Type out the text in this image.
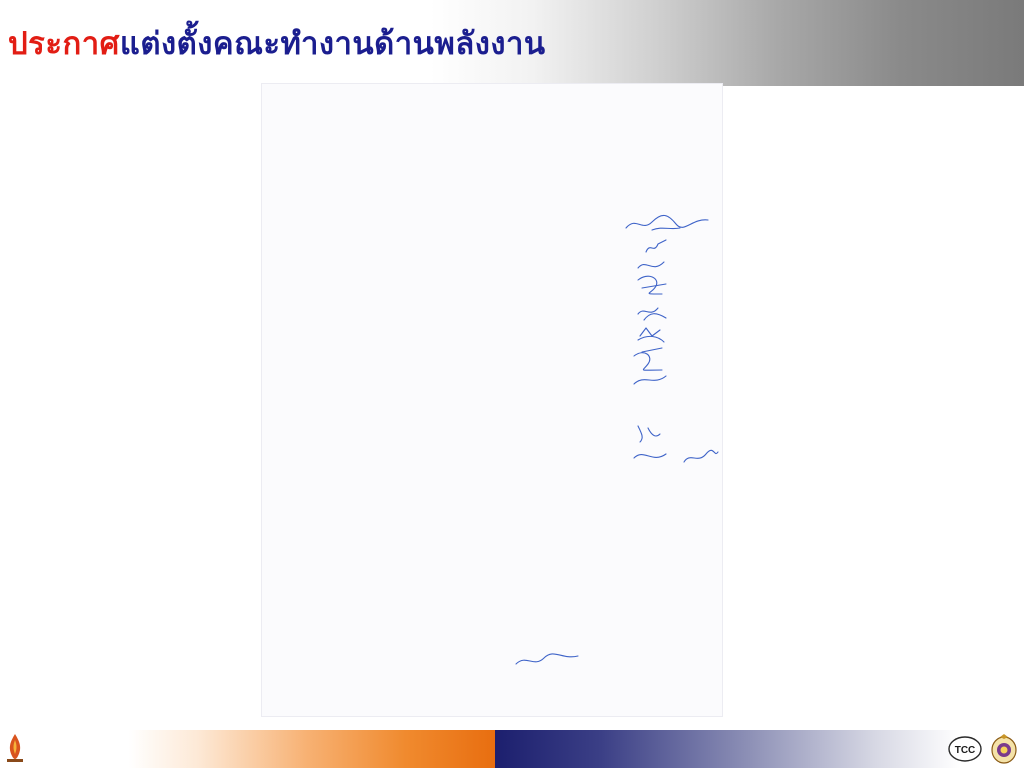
ประกาศแต่งตั้งคณะทำงานด้านพลังงาน

TCC
